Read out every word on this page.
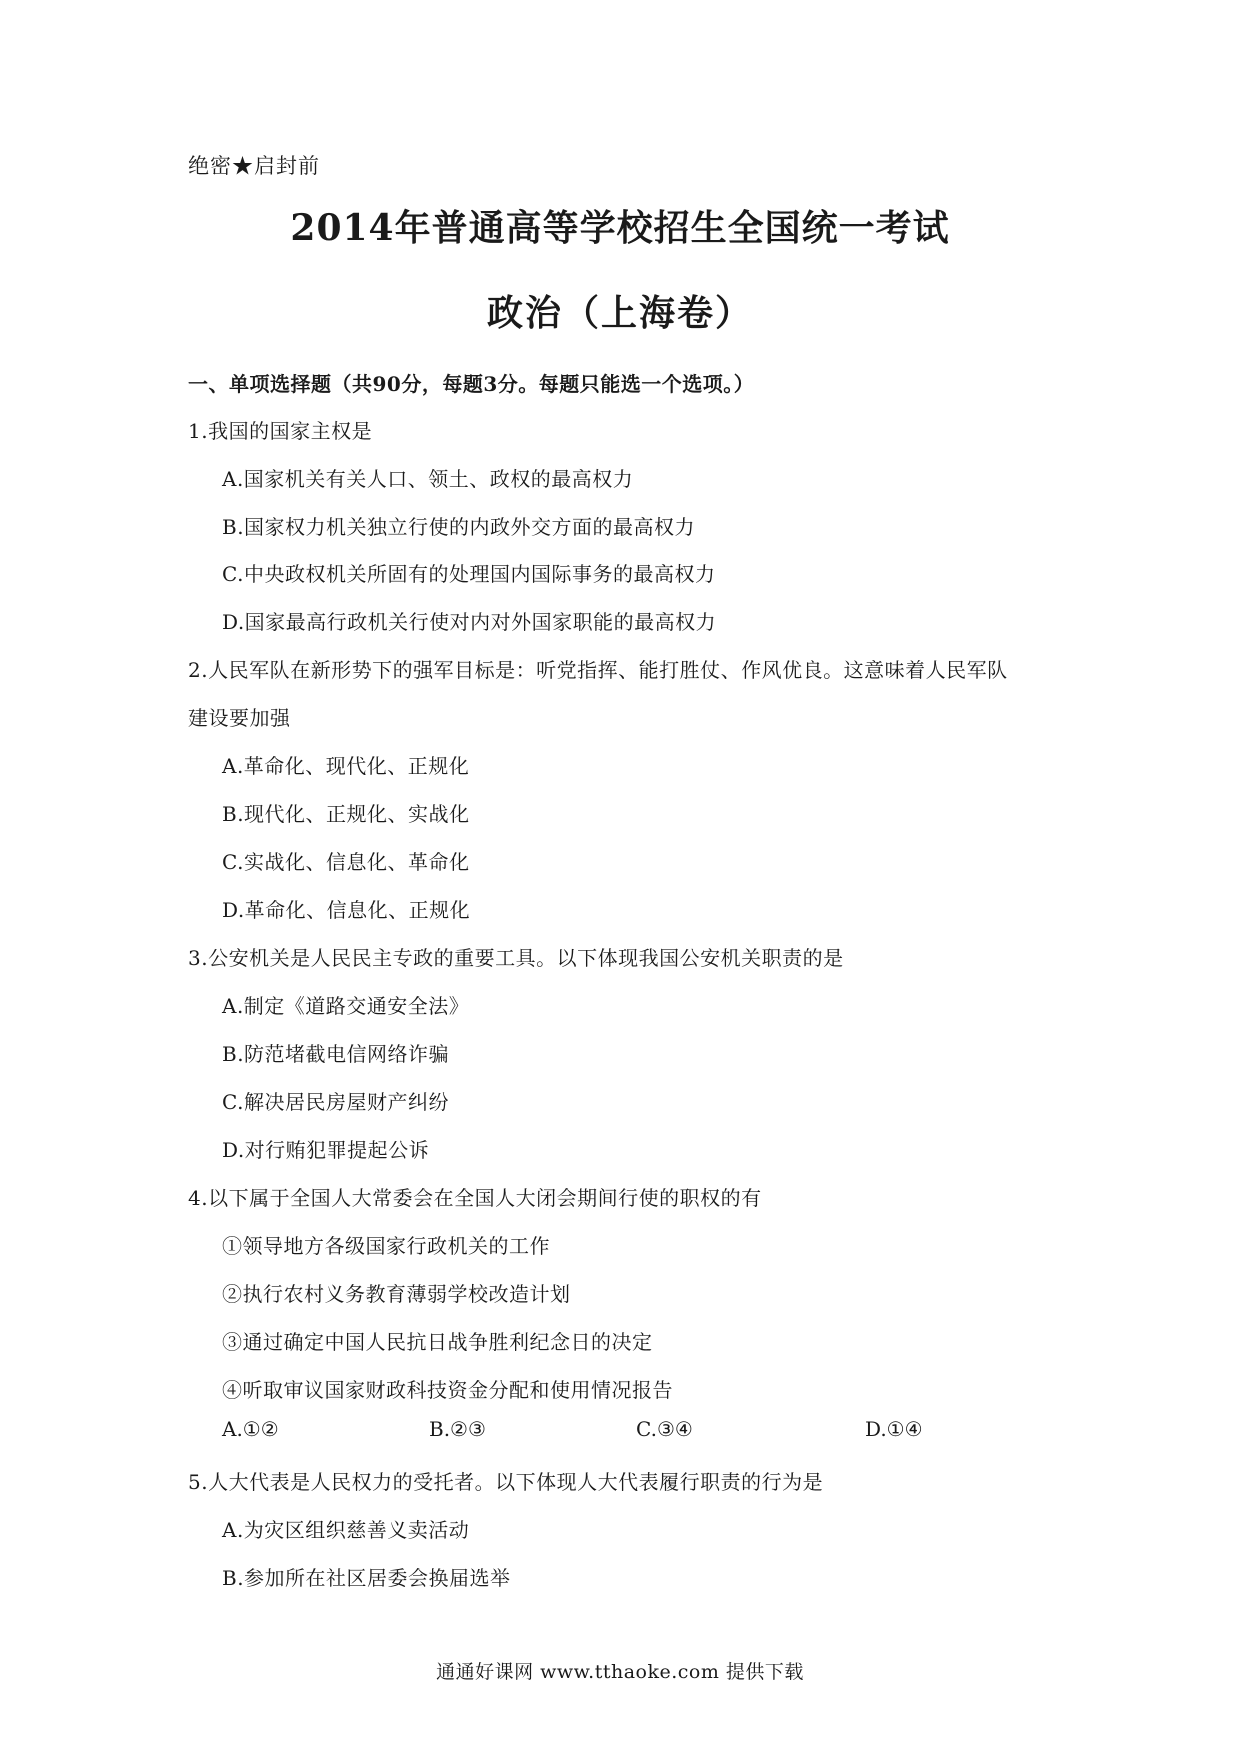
绝密★启封前
2014年普通高等学校招生全国统一考试
政治（上海卷）
一、单项选择题（共90分，每题3分。每题只能选一个选项。）
1.我国的国家主权是
A.国家机关有关人口、领土、政权的最高权力
B.国家权力机关独立行使的内政外交方面的最高权力
C.中央政权机关所固有的处理国内国际事务的最高权力
D.国家最高行政机关行使对内对外国家职能的最高权力
2.人民军队在新形势下的强军目标是：听党指挥、能打胜仗、作风优良。这意味着人民军队
建设要加强
A.革命化、现代化、正规化
B.现代化、正规化、实战化
C.实战化、信息化、革命化
D.革命化、信息化、正规化
3.公安机关是人民民主专政的重要工具。以下体现我国公安机关职责的是
A.制定《道路交通安全法》
B.防范堵截电信网络诈骗
C.解决居民房屋财产纠纷
D.对行贿犯罪提起公诉
4.以下属于全国人大常委会在全国人大闭会期间行使的职权的有
①领导地方各级国家行政机关的工作
②执行农村义务教育薄弱学校改造计划
③通过确定中国人民抗日战争胜利纪念日的决定
④听取审议国家财政科技资金分配和使用情况报告
A.①②	B.②③	C.③④	D.①④
5.人大代表是人民权力的受托者。以下体现人大代表履行职责的行为是
A.为灾区组织慈善义卖活动
B.参加所在社区居委会换届选举
通通好课网 www.tthaoke.com 提供下载
